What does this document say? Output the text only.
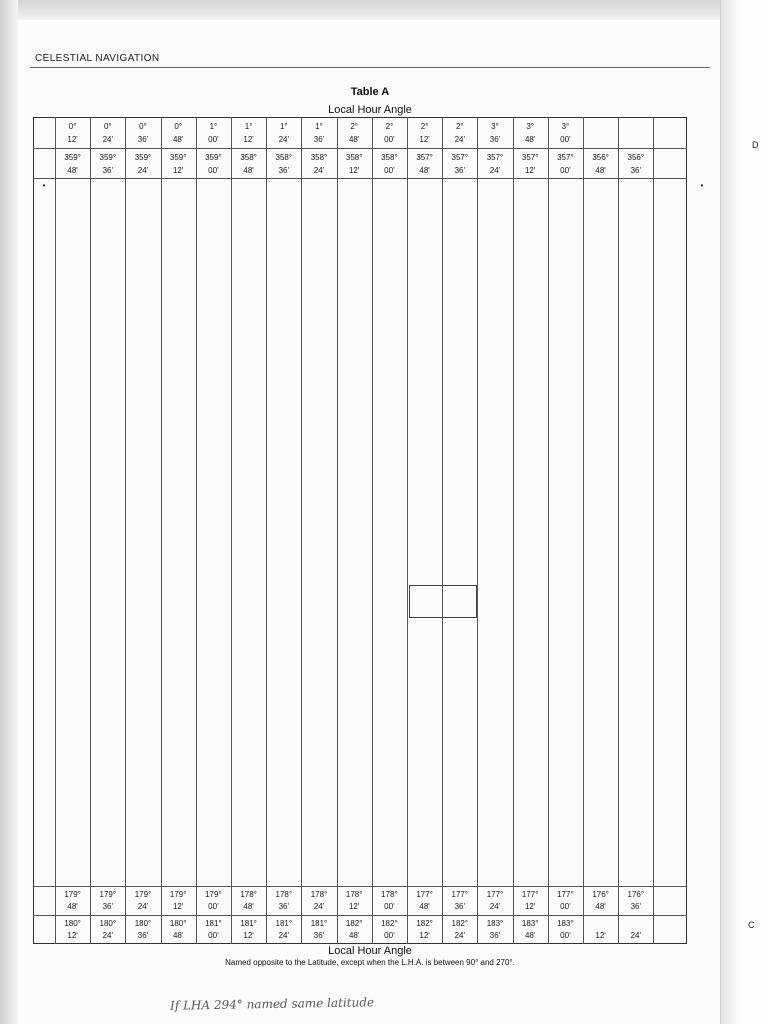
D
C
CELESTIAL NAVIGATION
Table A
Local Hour Angle
Local Hour Angle
Named opposite to the Latitude, except when the L.H.A. is between 90° and 270°.
If LHA 294° named same latitude
0°	0°	0°	0°	1°	1°	1°	1°	2°	2°	2°	2°	3°	3°	3°
12'	24'	36'	48'	00'	12'	24'	36'	48'	00'	12'	24'	36'	48'	00'
359°	359°	359°	359°	359°	358°	358°	358°	358°	358°	357°	357°	357°	357°	357°	356°	356°
48'	36'	24'	12'	00'	48'	36'	24'	12'	00'	48'	36'	24'	12'	00'	48'	36'
•	•
179°	179°	179°	179°	179°	178°	178°	178°	178°	178°	177°	177°	177°	177°	177°	176°	176°
48'	36'	24'	12'	00'	48'	36'	24'	12'	00'	48'	36'	24'	12'	00'	48'	36'
180°	180°	180°	180°	181°	181°	181°	181°	182°	182°	182°	182°	183°	183°	183°
12'	24'	36'	48'	00'	12'	24'	36'	48'	00'	12'	24'	36'	48'	00'	12'	24'
